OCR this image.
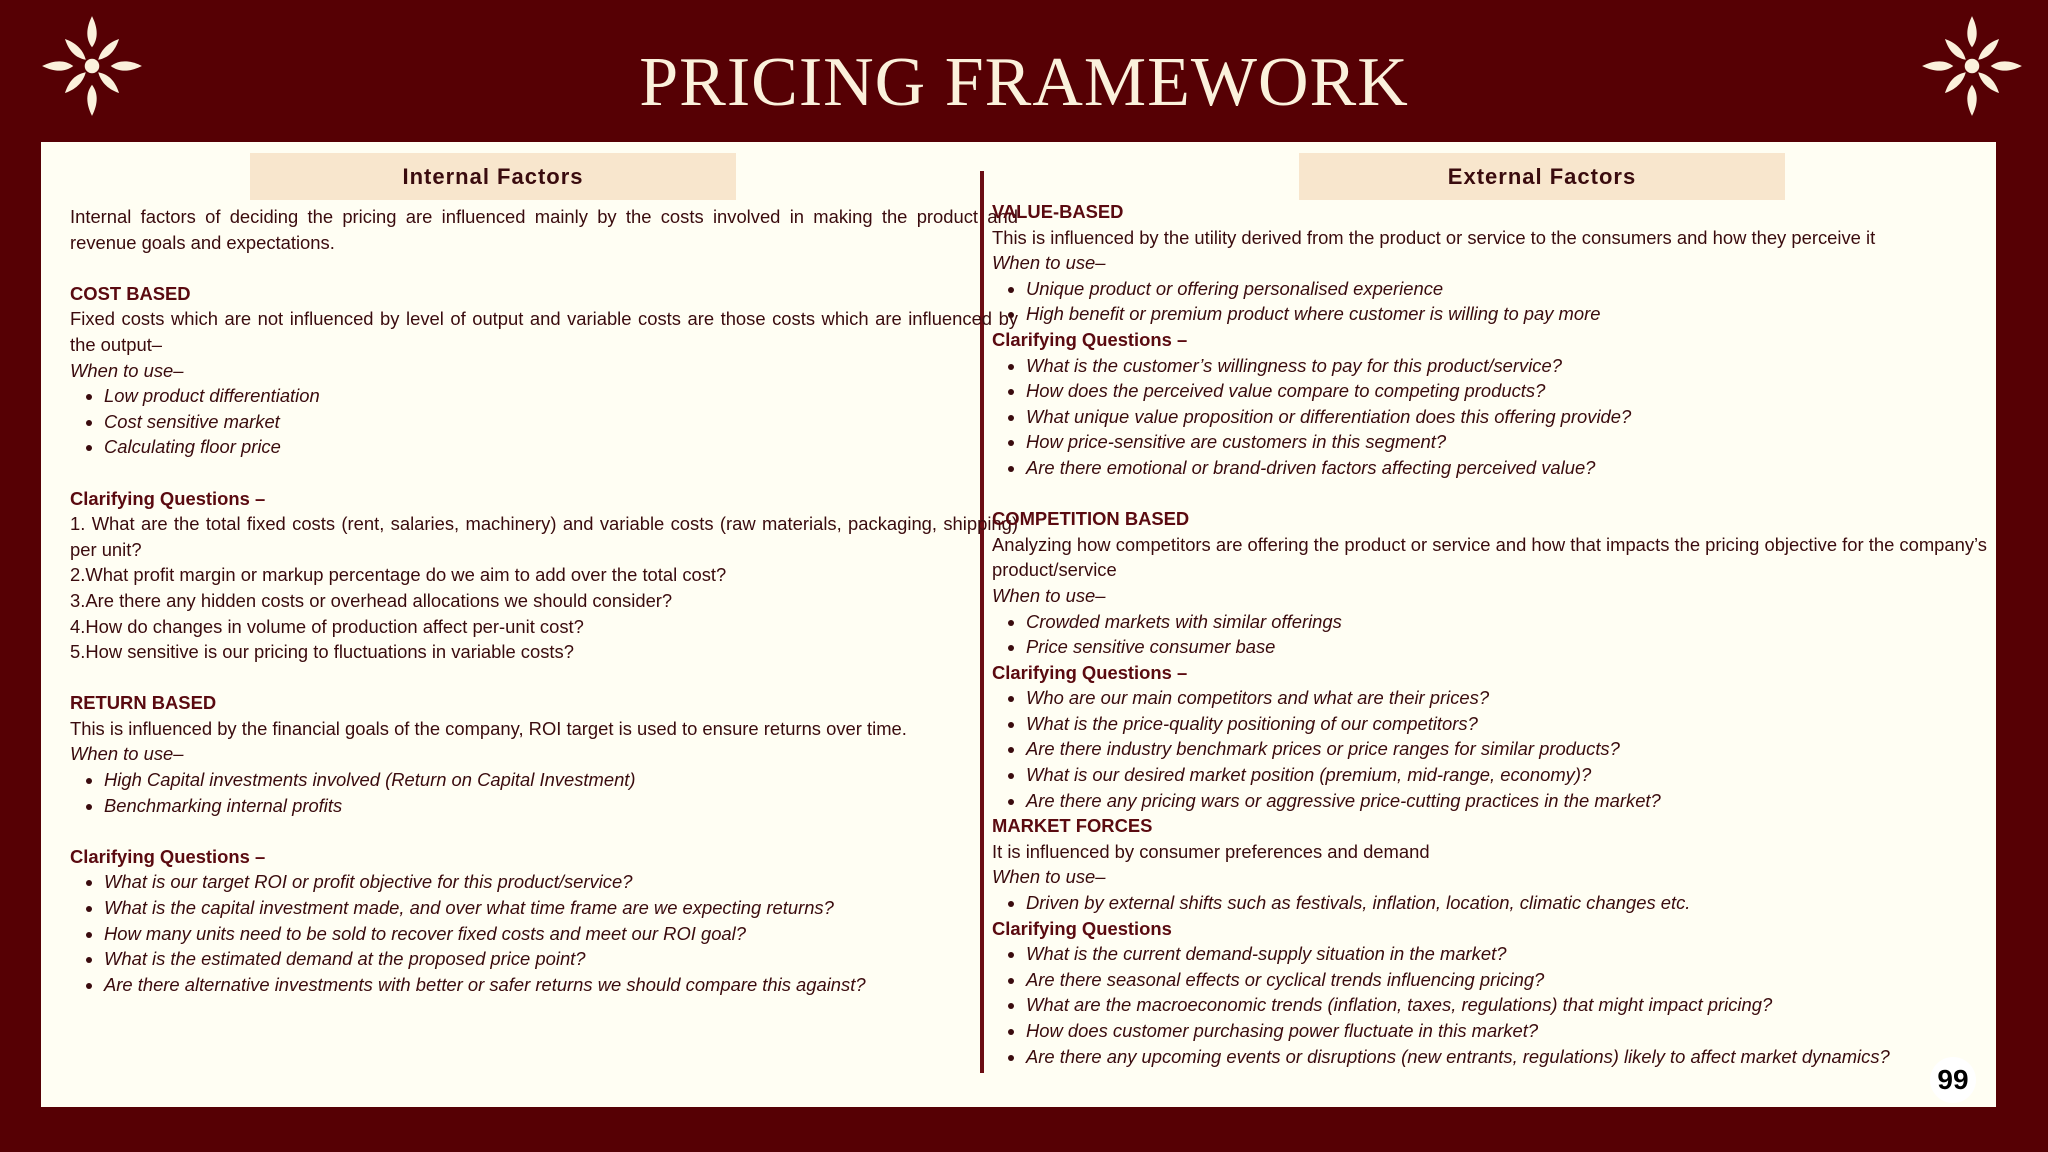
PRICING FRAMEWORK
Internal Factors	External Factors
Internal factors of deciding the pricing are influenced mainly by the costs involved in making the product and revenue goals and expectations.
COST BASED
Fixed costs which are not influenced by level of output and variable costs are those costs which are influenced by the output–
When to use–
• Low product differentiation
• Cost sensitive market
• Calculating floor price
Clarifying Questions –
1. What are the total fixed costs (rent, salaries, machinery) and variable costs (raw materials, packaging, shipping) per unit?
2.What profit margin or markup percentage do we aim to add over the total cost?
3.Are there any hidden costs or overhead allocations we should consider?
4.How do changes in volume of production affect per-unit cost?
5.How sensitive is our pricing to fluctuations in variable costs?
RETURN BASED
This is influenced by the financial goals of the company, ROI target is used to ensure returns over time.
When to use–
• High Capital investments involved (Return on Capital Investment)
• Benchmarking internal profits
Clarifying Questions –
• What is our target ROI or profit objective for this product/service?
• What is the capital investment made, and over what time frame are we expecting returns?
• How many units need to be sold to recover fixed costs and meet our ROI goal?
• What is the estimated demand at the proposed price point?
• Are there alternative investments with better or safer returns we should compare this against?
VALUE-BASED
This is influenced by the utility derived from the product or service to the consumers and how they perceive it
When to use–
• Unique product or offering personalised experience
• High benefit or premium product where customer is willing to pay more
Clarifying Questions –
• What is the customer’s willingness to pay for this product/service?
• How does the perceived value compare to competing products?
• What unique value proposition or differentiation does this offering provide?
• How price-sensitive are customers in this segment?
• Are there emotional or brand-driven factors affecting perceived value?
COMPETITION BASED
Analyzing how competitors are offering the product or service and how that impacts the pricing objective for the company’s product/service
When to use–
• Crowded markets with similar offerings
• Price sensitive consumer base
Clarifying Questions –
• Who are our main competitors and what are their prices?
• What is the price-quality positioning of our competitors?
• Are there industry benchmark prices or price ranges for similar products?
• What is our desired market position (premium, mid-range, economy)?
• Are there any pricing wars or aggressive price-cutting practices in the market?
MARKET FORCES
It is influenced by consumer preferences and demand
When to use–
• Driven by external shifts such as festivals, inflation, location, climatic changes etc.
Clarifying Questions
• What is the current demand-supply situation in the market?
• Are there seasonal effects or cyclical trends influencing pricing?
• What are the macroeconomic trends (inflation, taxes, regulations) that might impact pricing?
• How does customer purchasing power fluctuate in this market?
• Are there any upcoming events or disruptions (new entrants, regulations) likely to affect market dynamics?
99
